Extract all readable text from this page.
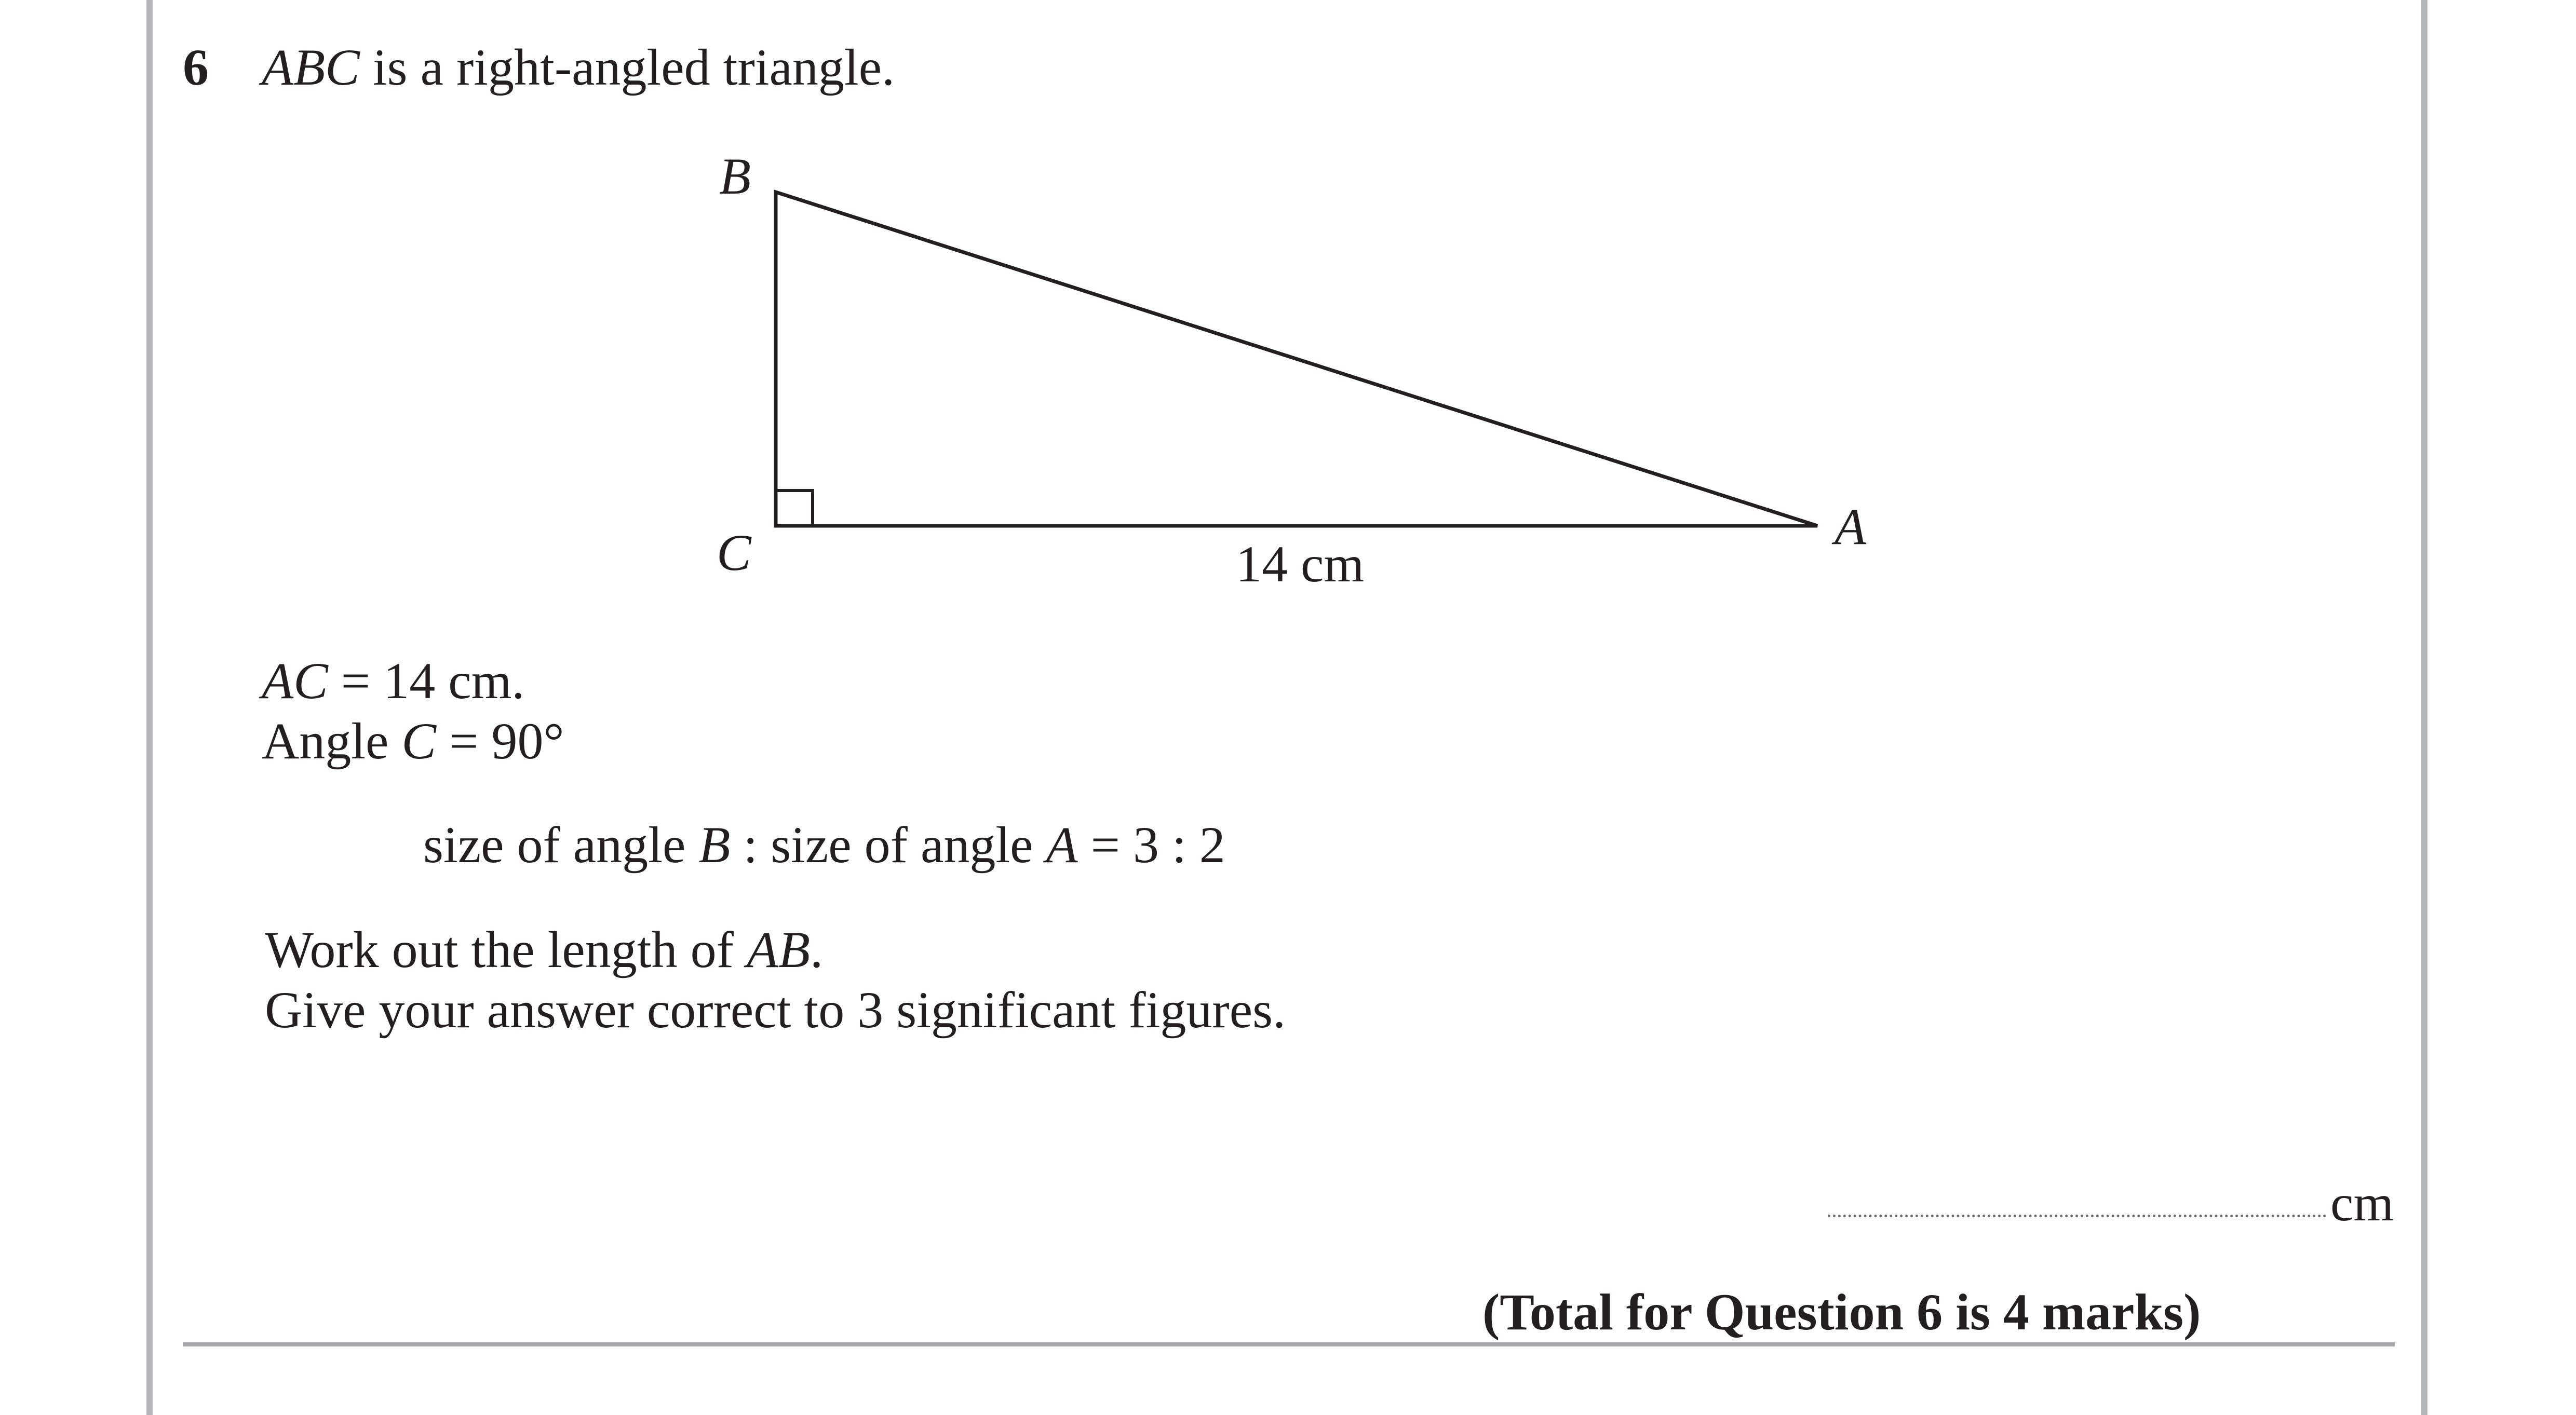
6 ABC is a right-angled triangle.
B
C	A
14 cm
AC = 14 cm.
Angle C = 90°
size of angle B : size of angle A = 3 : 2
Work out the length of AB.
Give your answer correct to 3 significant figures.
cm
(Total for Question 6 is 4 marks)
